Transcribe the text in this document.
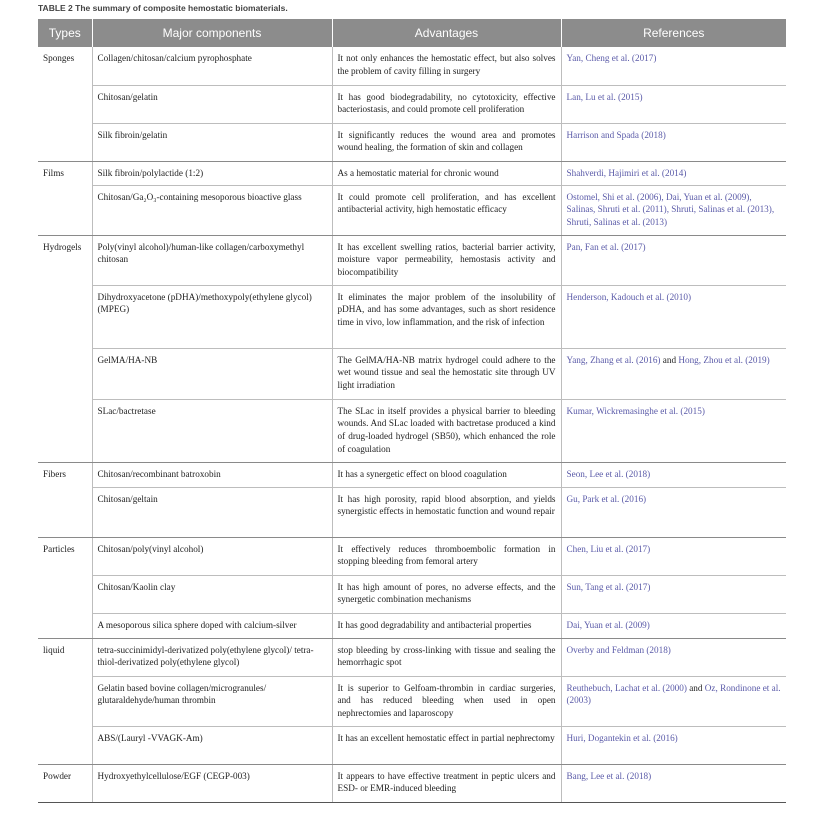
TABLE 2 The summary of composite hemostatic biomaterials.
Types	Major components	Advantages	References
Sponges	Collagen/chitosan/calcium pyrophosphate	It not only enhances the hemostatic effect, but also solves the problem of cavity filling in surgery	Yan, Cheng et al. (2017)
	Chitosan/gelatin	It has good biodegradability, no cytotoxicity, effective bacteriostasis, and could promote cell proliferation	Lan, Lu et al. (2015)
	Silk fibroin/gelatin	It significantly reduces the wound area and promotes wound healing, the formation of skin and collagen	Harrison and Spada (2018)
Films	Silk fibroin/polylactide (1:2)	As a hemostatic material for chronic wound	Shahverdi, Hajimiri et al. (2014)
	Chitosan/Ga₂O₃-containing mesoporous bioactive glass	It could promote cell proliferation, and has excellent antibacterial activity, high hemostatic efficacy	Ostomel, Shi et al. (2006), Dai, Yuan et al. (2009), Salinas, Shruti et al. (2011), Shruti, Salinas et al. (2013), Shruti, Salinas et al. (2013)
Hydrogels	Poly(vinyl alcohol)/human-like collagen/carboxymethyl chitosan	It has excellent swelling ratios, bacterial barrier activity, moisture vapor permeability, hemostasis activity and biocompatibility	Pan, Fan et al. (2017)
	Dihydroxyacetone (pDHA)/methoxypoly(ethylene glycol) (MPEG)	It eliminates the major problem of the insolubility of pDHA, and has some advantages, such as short residence time in vivo, low inflammation, and the risk of infection	Henderson, Kadouch et al. (2010)
	GelMA/HA-NB	The GelMA/HA-NB matrix hydrogel could adhere to the wet wound tissue and seal the hemostatic site through UV light irradiation	Yang, Zhang et al. (2016) and Hong, Zhou et al. (2019)
	SLac/bactretase	The SLac in itself provides a physical barrier to bleeding wounds. And SLac loaded with bactretase produced a kind of drug-loaded hydrogel (SB50), which enhanced the role of coagulation	Kumar, Wickremasinghe et al. (2015)
Fibers	Chitosan/recombinant batroxobin	It has a synergetic effect on blood coagulation	Seon, Lee et al. (2018)
	Chitosan/geltain	It has high porosity, rapid blood absorption, and yields synergistic effects in hemostatic function and wound repair	Gu, Park et al. (2016)
Particles	Chitosan/poly(vinyl alcohol)	It effectively reduces thromboembolic formation in stopping bleeding from femoral artery	Chen, Liu et al. (2017)
	Chitosan/Kaolin clay	It has high amount of pores, no adverse effects, and the synergetic combination mechanisms	Sun, Tang et al. (2017)
	A mesoporous silica sphere doped with calcium-silver	It has good degradability and antibacterial properties	Dai, Yuan et al. (2009)
liquid	tetra-succinimidyl-derivatized poly(ethylene glycol)/ tetra-thiol-derivatized poly(ethylene glycol)	stop bleeding by cross-linking with tissue and sealing the hemorrhagic spot	Overby and Feldman (2018)
	Gelatin based bovine collagen/microgranules/ glutaraldehyde/human thrombin	It is superior to Gelfoam-thrombin in cardiac surgeries, and has reduced bleeding when used in open nephrectomies and laparoscopy	Reuthebuch, Lachat et al. (2000) and Oz, Rondinone et al. (2003)
	ABS/(Lauryl -VVAGK-Am)	It has an excellent hemostatic effect in partial nephrectomy	Huri, Dogantekin et al. (2016)
Powder	Hydroxyethylcellulose/EGF (CEGP-003)	It appears to have effective treatment in peptic ulcers and ESD- or EMR-induced bleeding	Bang, Lee et al. (2018)
